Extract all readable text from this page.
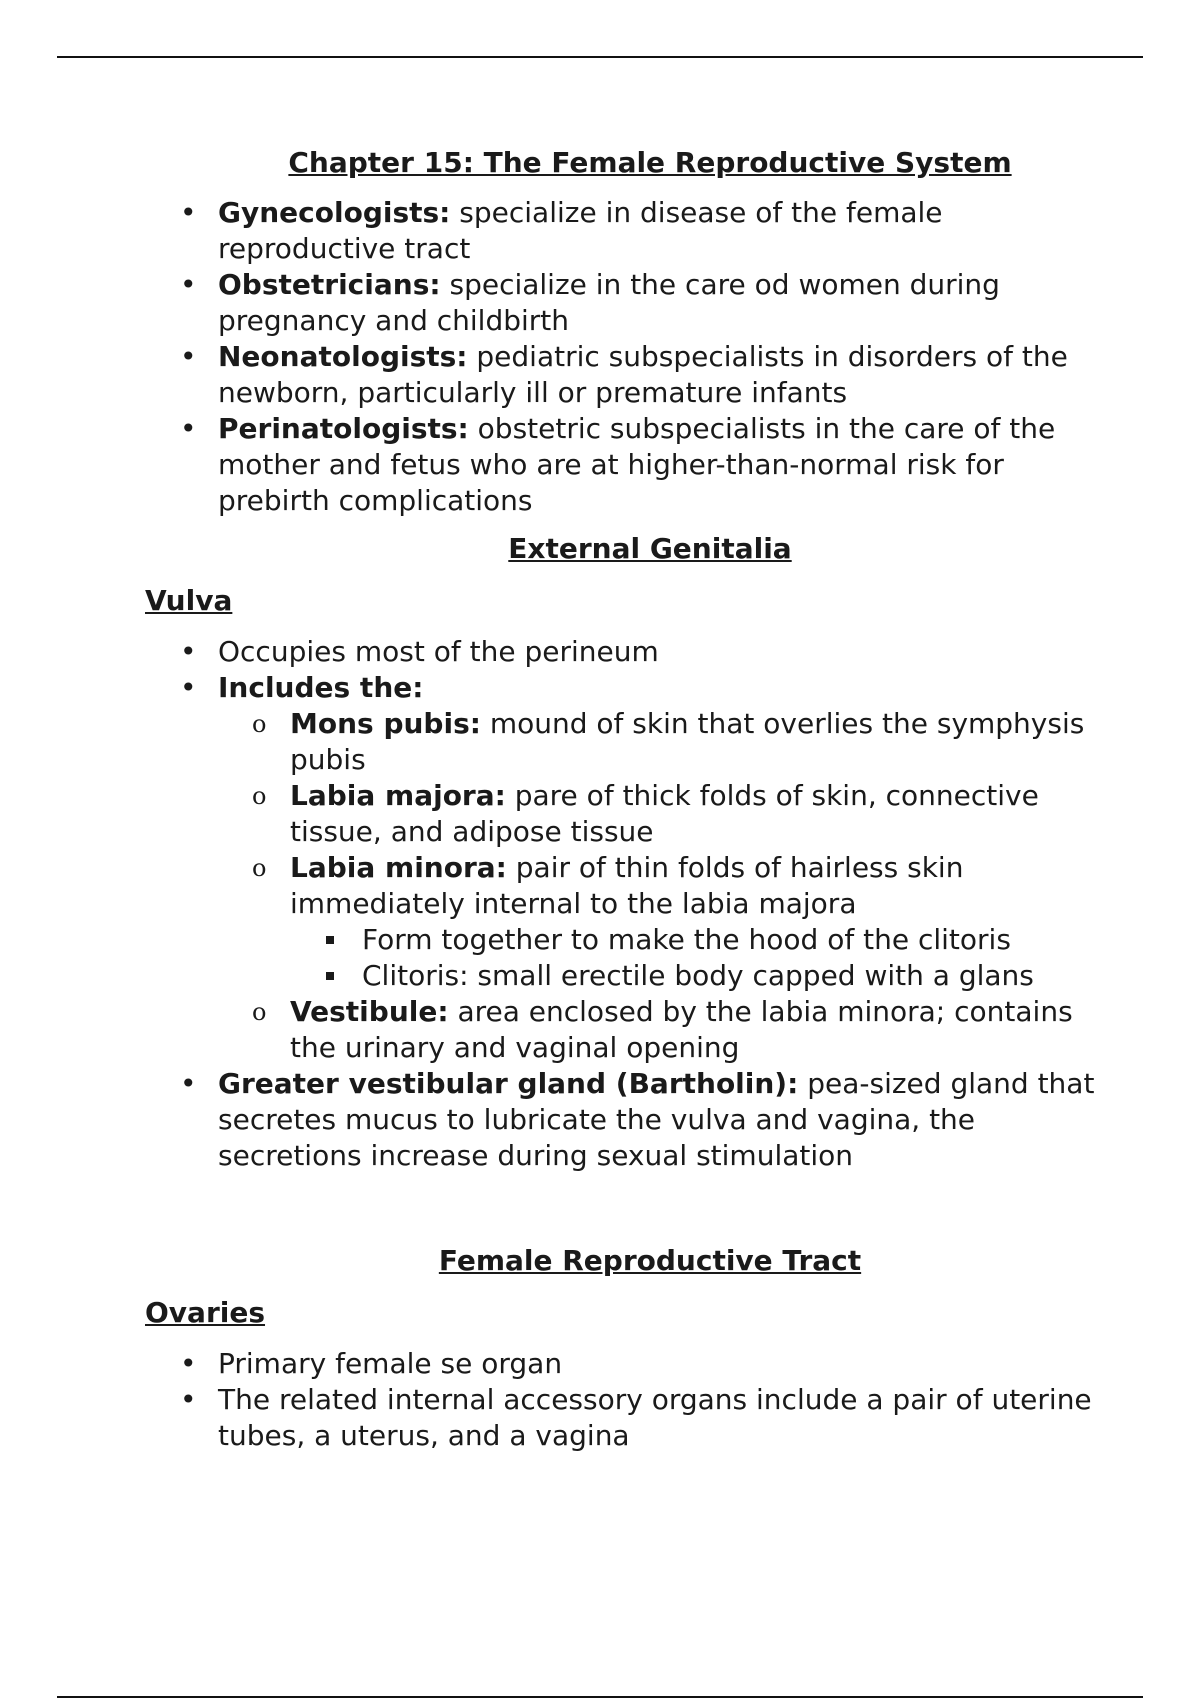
Chapter 15: The Female Reproductive System
• Gynecologists: specialize in disease of the female reproductive tract
• Obstetricians: specialize in the care od women during pregnancy and childbirth
• Neonatologists: pediatric subspecialists in disorders of the newborn, particularly ill or premature infants
• Perinatologists: obstetric subspecialists in the care of the mother and fetus who are at higher-than-normal risk for prebirth complications
External Genitalia
Vulva
• Occupies most of the perineum
• Includes the:
o Mons pubis: mound of skin that overlies the symphysis pubis
o Labia majora: pare of thick folds of skin, connective tissue, and adipose tissue
o Labia minora: pair of thin folds of hairless skin immediately internal to the labia majora
Form together to make the hood of the clitoris
Clitoris: small erectile body capped with a glans
o Vestibule: area enclosed by the labia minora; contains the urinary and vaginal opening
• Greater vestibular gland (Bartholin): pea-sized gland that secretes mucus to lubricate the vulva and vagina, the secretions increase during sexual stimulation
Female Reproductive Tract
Ovaries
• Primary female se organ
• The related internal accessory organs include a pair of uterine tubes, a uterus, and a vagina
